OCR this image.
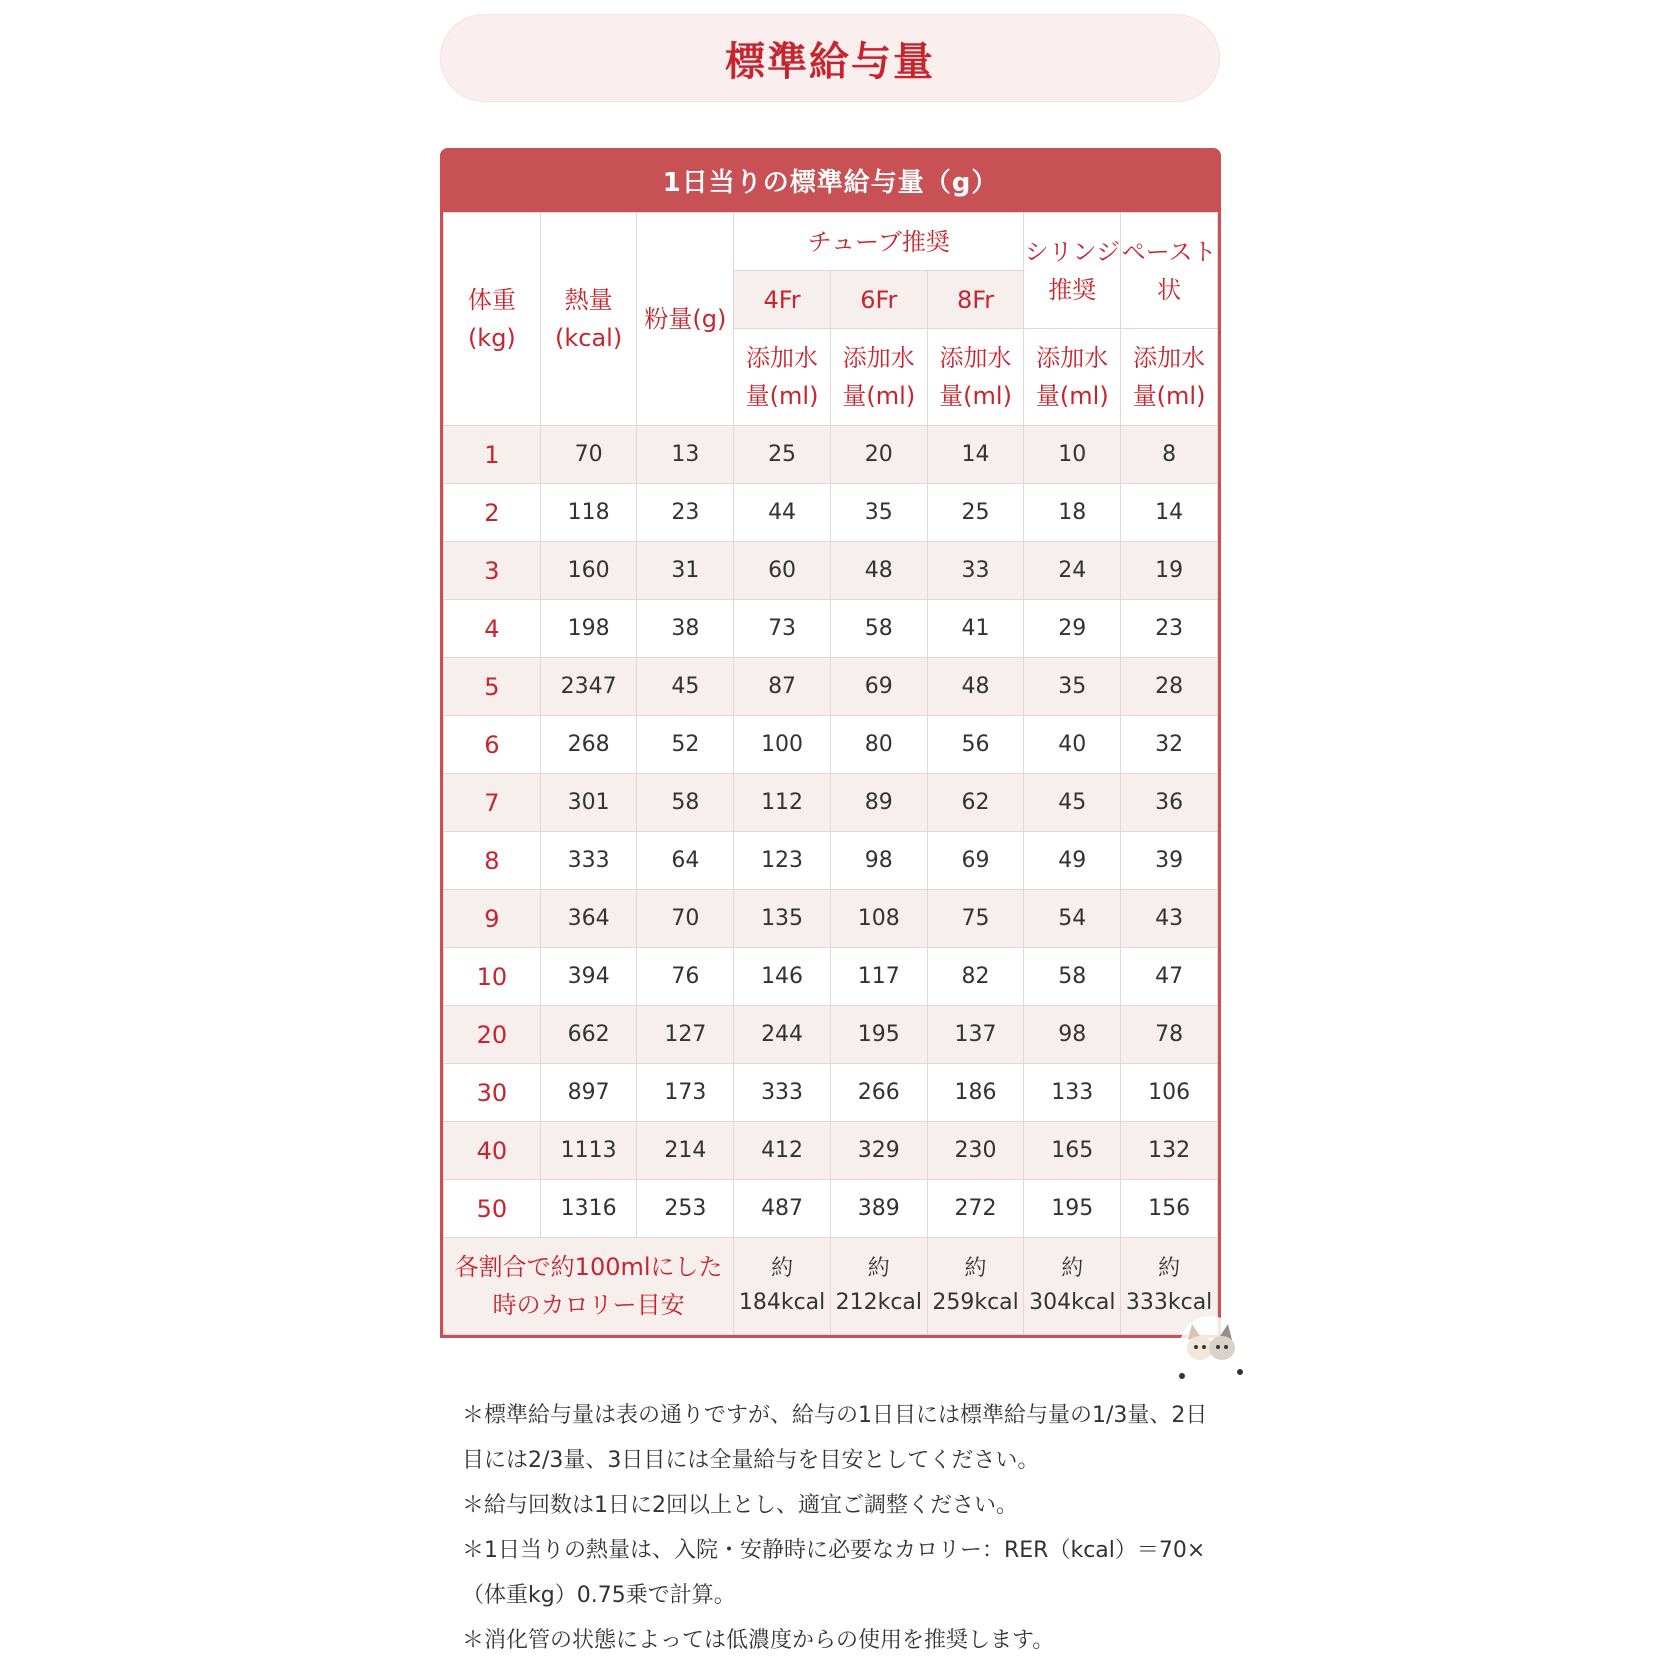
標準給与量
1日当りの標準給与量（g）
体重(kg)	熱量(kcal)	粉量(g)	チューブ推奨			シリンジ推奨	ペースト状
			4Fr	6Fr	8Fr		
			添加水量(ml)	添加水量(ml)	添加水量(ml)	添加水量(ml)	添加水量(ml)
1	70	13	25	20	14	10	8
2	118	23	44	35	25	18	14
3	160	31	60	48	33	24	19
4	198	38	73	58	41	29	23
5	2347	45	87	69	48	35	28
6	268	52	100	80	56	40	32
7	301	58	112	89	62	45	36
8	333	64	123	98	69	49	39
9	364	70	135	108	75	54	43
10	394	76	146	117	82	58	47
20	662	127	244	195	137	98	78
30	897	173	333	266	186	133	106
40	1113	214	412	329	230	165	132
50	1316	253	487	389	272	195	156
各割合で約100mlにした時のカロリー目安			約184kcal	約212kcal	約259kcal	約304kcal	約333kcal

＊標準給与量は表の通りですが、給与の1日目には標準給与量の1/3量、2日目には2/3量、3日目には全量給与を目安としてください。

＊給与回数は1日に2回以上とし、適宜ご調整ください。

＊1日当りの熱量は、入院・安静時に必要なカロリー：RER（kcal）＝70×（体重kg）0.75乗で計算。

＊消化管の状態によっては低濃度からの使用を推奨します。
